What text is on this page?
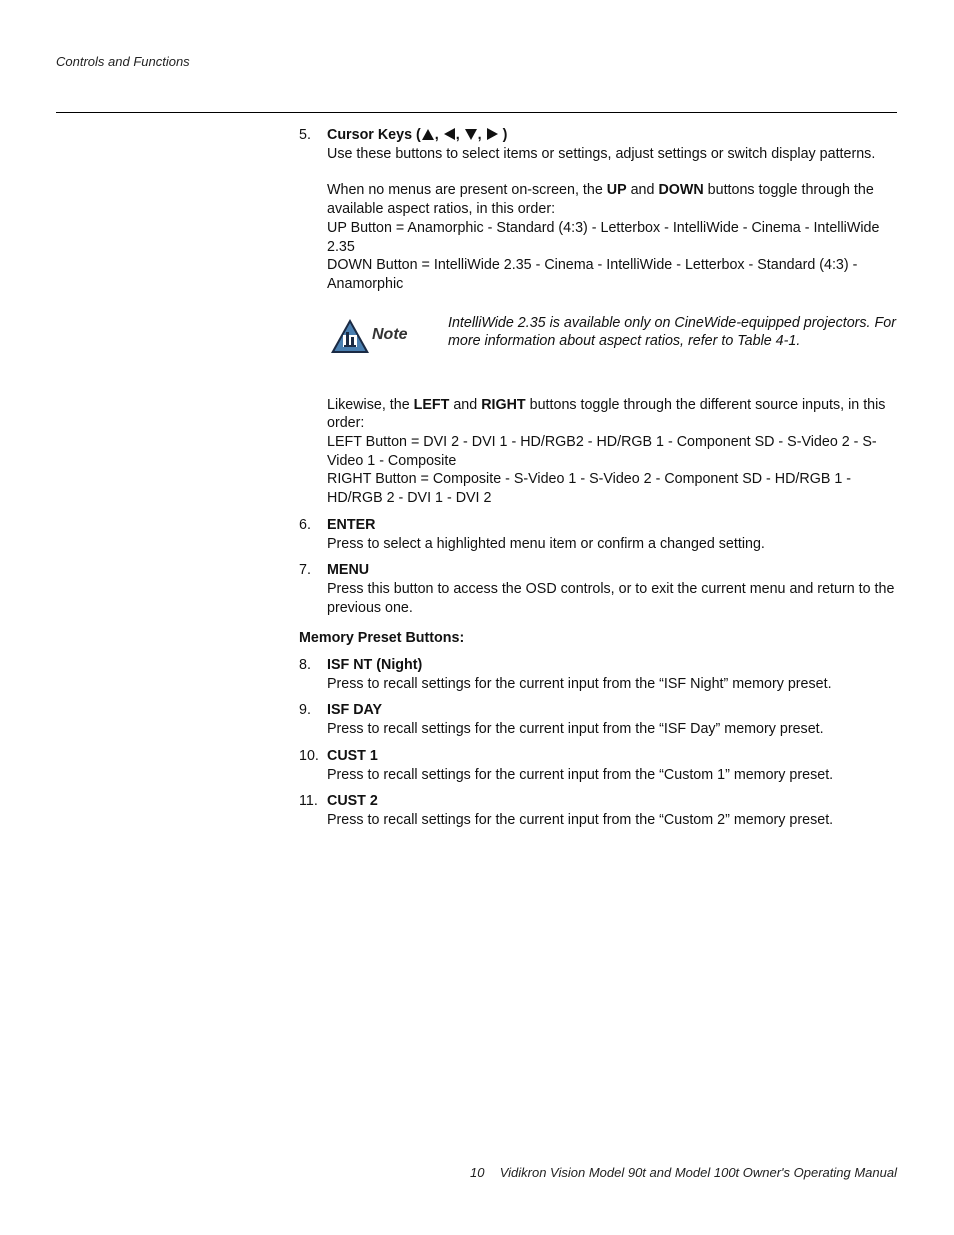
Controls and Functions
5. Cursor Keys ( , , ,  )

Use these buttons to select items or settings, adjust settings or switch display patterns.

When no menus are present on-screen, the UP and DOWN buttons toggle through the available aspect ratios, in this order:

UP Button = Anamorphic - Standard (4:3) - Letterbox - IntelliWide - Cinema - IntelliWide 2.35

DOWN Button = IntelliWide 2.35 - Cinema - IntelliWide - Letterbox - Standard (4:3) - Anamorphic

Note
IntelliWide 2.35 is available only on CineWide-equipped projectors. For more information about aspect ratios, refer to Table 4-1.

Likewise, the LEFT and RIGHT buttons toggle through the different source inputs, in this order:

LEFT Button = DVI 2 - DVI 1 - HD/RGB2 - HD/RGB 1 - Component SD - S-Video 2 - S-Video 1 - Composite

RIGHT Button = Composite - S-Video 1 - S-Video 2 - Component SD - HD/RGB 1 - HD/RGB 2 - DVI 1 - DVI 2

6. ENTER

Press to select a highlighted menu item or confirm a changed setting.

7. MENU

Press this button to access the OSD controls, or to exit the current menu and return to the previous one.

Memory Preset Buttons:
8. ISF NT (Night)

Press to recall settings for the current input from the “ISF Night” memory preset.

9. ISF DAY

Press to recall settings for the current input from the “ISF Day” memory preset.

10. CUST 1

Press to recall settings for the current input from the “Custom 1” memory preset.

11. CUST 2

Press to recall settings for the current input from the “Custom 2” memory preset.

10 Vidikron Vision Model 90t and Model 100t Owner's Operating Manual
